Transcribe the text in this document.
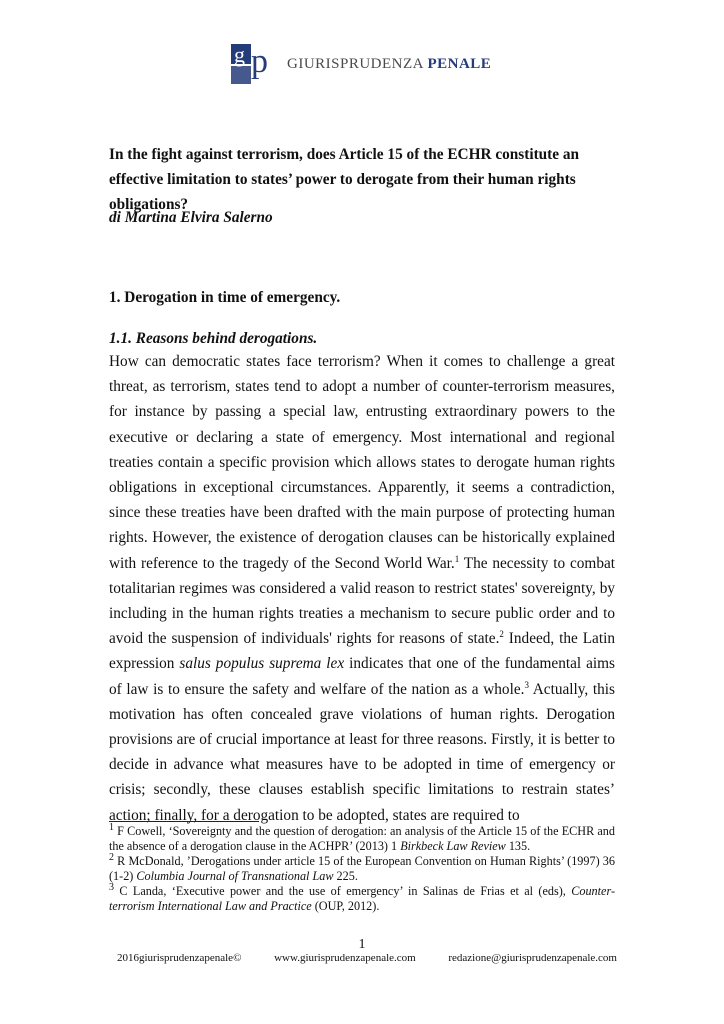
g p GIURISPRUDENZA PENALE

In the fight against terrorism, does Article 15 of the ECHR constitute an effective limitation to states’ power to derogate from their human rights obligations?

di Martina Elvira Salerno

1. Derogation in time of emergency.

1.1. Reasons behind derogations.

How can democratic states face terrorism? When it comes to challenge a great threat, as terrorism, states tend to adopt a number of counter-terrorism measures, for instance by passing a special law, entrusting extraordinary powers to the executive or declaring a state of emergency. Most international and regional treaties contain a specific provision which allows states to derogate human rights obligations in exceptional circumstances. Apparently, it seems a contradiction, since these treaties have been drafted with the main purpose of protecting human rights. However, the existence of derogation clauses can be historically explained with reference to the tragedy of the Second World War.$^1$ The necessity to combat totalitarian regimes was considered a valid reason to restrict states' sovereignty, by including in the human rights treaties a mechanism to secure public order and to avoid the suspension of individuals' rights for reasons of state.$^2$ Indeed, the Latin expression salus populus suprema lex indicates that one of the fundamental aims of law is to ensure the safety and welfare of the nation as a whole.$^3$ Actually, this motivation has often concealed grave violations of human rights. Derogation provisions are of crucial importance at least for three reasons. Firstly, it is better to decide in advance what measures have to be adopted in time of emergency or crisis; secondly, these clauses establish specific limitations to restrain states’ action; finally, for a derogation to be adopted, states are required to

$^1$ F Cowell, ‘Sovereignty and the question of derogation: an analysis of the Article 15 of the ECHR and the absence of a derogation clause in the ACHPR’ (2013) 1 Birkbeck Law Review 135.

$^2$ R McDonald, ’Derogations under article 15 of the European Convention on Human Rights’ (1997) 36 (1-2) Columbia Journal of Transnational Law 225.

$^3$ C Landa, ‘Executive power and the use of emergency’ in Salinas de Frias et al (eds), Counter-terrorism International Law and Practice (OUP, 2012).

1
2016giurisprudenzapenale©	www.giurisprudenzapenale.com	redazione@giurisprudenzapenale.com
